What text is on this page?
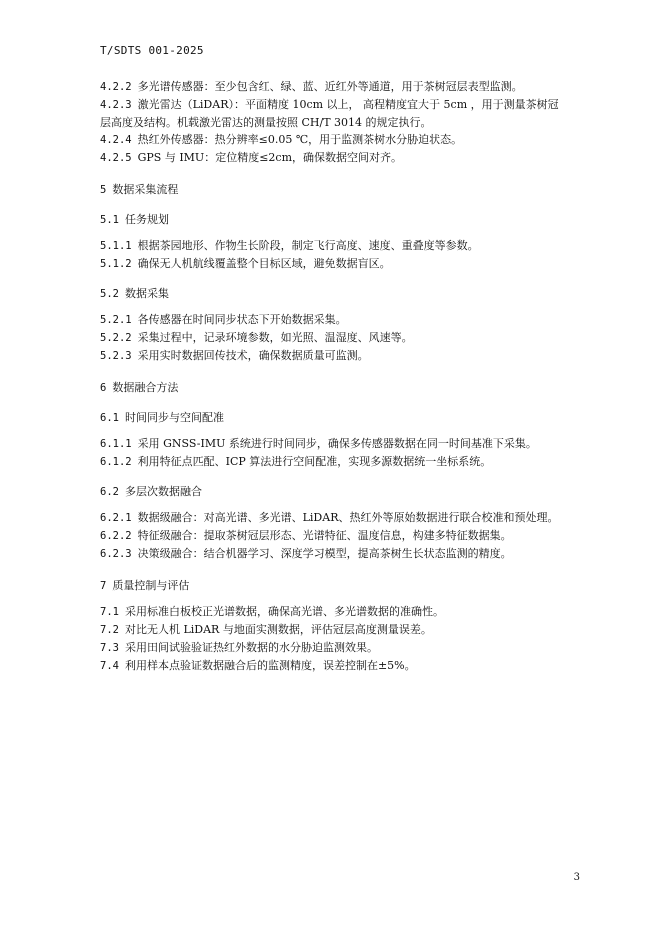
T/SDTS 001-2025

4.2.2 多光谱传感器：至少包含红、绿、蓝、近红外等通道，用于茶树冠层表型监测。

4.2.3 激光雷达（LiDAR）：平面精度 10cm 以上， 高程精度宜大于 5cm ，用于测量茶树冠

层高度及结构。机载激光雷达的测量按照 CH/T 3014 的规定执行。

4.2.4 热红外传感器：热分辨率≤0.05 ℃，用于监测茶树水分胁迫状态。

4.2.5 GPS 与 IMU：定位精度≤2cm，确保数据空间对齐。

5 数据采集流程

5.1 任务规划

5.1.1 根据茶园地形、作物生长阶段，制定飞行高度、速度、重叠度等参数。

5.1.2 确保无人机航线覆盖整个目标区域，避免数据盲区。

5.2 数据采集

5.2.1 各传感器在时间同步状态下开始数据采集。

5.2.2 采集过程中，记录环境参数，如光照、温湿度、风速等。

5.2.3 采用实时数据回传技术，确保数据质量可监测。

6 数据融合方法

6.1 时间同步与空间配准

6.1.1 采用 GNSS-IMU 系统进行时间同步，确保多传感器数据在同一时间基准下采集。

6.1.2 利用特征点匹配、ICP 算法进行空间配准，实现多源数据统一坐标系统。

6.2 多层次数据融合

6.2.1 数据级融合：对高光谱、多光谱、LiDAR、热红外等原始数据进行联合校准和预处理。

6.2.2 特征级融合：提取茶树冠层形态、光谱特征、温度信息，构建多特征数据集。

6.2.3 决策级融合：结合机器学习、深度学习模型，提高茶树生长状态监测的精度。

7 质量控制与评估

7.1 采用标准白板校正光谱数据，确保高光谱、多光谱数据的准确性。

7.2 对比无人机 LiDAR 与地面实测数据，评估冠层高度测量误差。

7.3 采用田间试验验证热红外数据的水分胁迫监测效果。

7.4 利用样本点验证数据融合后的监测精度，误差控制在±5%。

3
